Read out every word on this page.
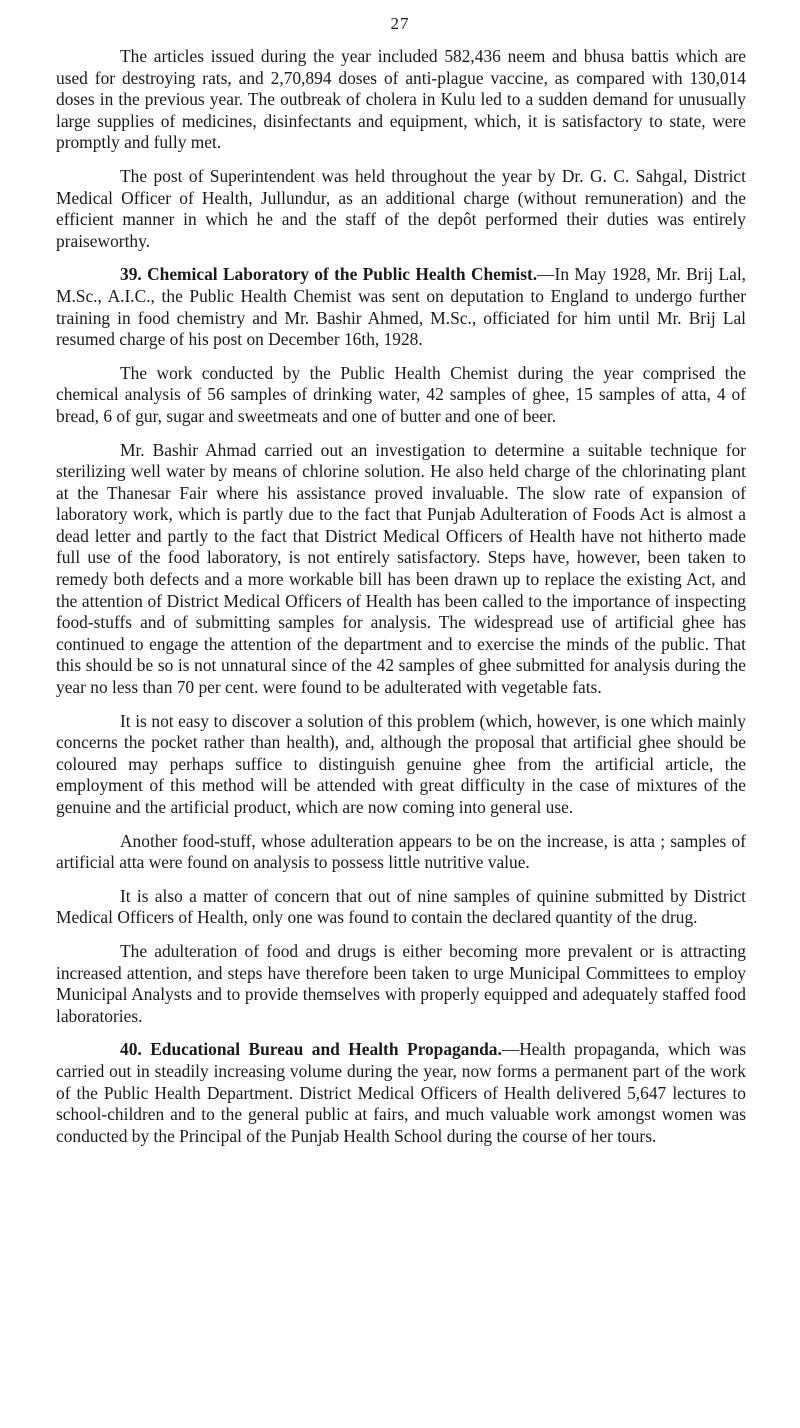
27

The articles issued during the year included 582,436 neem and bhusa battis which are used for destroying rats, and 2,70,894 doses of anti-plague vaccine, as compared with 130,014 doses in the previous year. The outbreak of cholera in Kulu led to a sudden demand for unusually large supplies of medicines, disinfectants and equipment, which, it is satisfactory to state, were promptly and fully met.

The post of Superintendent was held throughout the year by Dr. G. C. Sahgal, District Medical Officer of Health, Jullundur, as an additional charge (without remuneration) and the efficient manner in which he and the staff of the depôt performed their duties was entirely praiseworthy.

39. Chemical Laboratory of the Public Health Chemist.—In May 1928, Mr. Brij Lal, M.Sc., A.I.C., the Public Health Chemist was sent on deputation to England to undergo further training in food chemistry and Mr. Bashir Ahmed, M.Sc., officiated for him until Mr. Brij Lal resumed charge of his post on December 16th, 1928.

The work conducted by the Public Health Chemist during the year comprised the chemical analysis of 56 samples of drinking water, 42 samples of ghee, 15 samples of atta, 4 of bread, 6 of gur, sugar and sweetmeats and one of butter and one of beer.

Mr. Bashir Ahmad carried out an investigation to determine a suitable technique for sterilizing well water by means of chlorine solution. He also held charge of the chlorinating plant at the Thanesar Fair where his assistance proved invaluable. The slow rate of expansion of laboratory work, which is partly due to the fact that Punjab Adulteration of Foods Act is almost a dead letter and partly to the fact that District Medical Officers of Health have not hitherto made full use of the food laboratory, is not entirely satisfactory. Steps have, however, been taken to remedy both defects and a more workable bill has been drawn up to replace the existing Act, and the attention of District Medical Officers of Health has been called to the importance of inspecting food-stuffs and of submitting samples for analysis. The widespread use of artificial ghee has continued to engage the attention of the department and to exercise the minds of the public. That this should be so is not unnatural since of the 42 samples of ghee submitted for analysis during the year no less than 70 per cent. were found to be adulterated with vegetable fats.

It is not easy to discover a solution of this problem (which, however, is one which mainly concerns the pocket rather than health), and, although the proposal that artificial ghee should be coloured may perhaps suffice to distinguish genuine ghee from the artificial article, the employment of this method will be attended with great difficulty in the case of mixtures of the genuine and the artificial product, which are now coming into general use.

Another food-stuff, whose adulteration appears to be on the increase, is atta ; samples of artificial atta were found on analysis to possess little nutritive value.

It is also a matter of concern that out of nine samples of quinine submitted by District Medical Officers of Health, only one was found to contain the declared quantity of the drug.

The adulteration of food and drugs is either becoming more prevalent or is attracting increased attention, and steps have therefore been taken to urge Municipal Committees to employ Municipal Analysts and to provide themselves with properly equipped and adequately staffed food laboratories.

40. Educational Bureau and Health Propaganda.—Health propaganda, which was carried out in steadily increasing volume during the year, now forms a permanent part of the work of the Public Health Department. District Medical Officers of Health delivered 5,647 lectures to school-children and to the general public at fairs, and much valuable work amongst women was conducted by the Principal of the Punjab Health School during the course of her tours.
